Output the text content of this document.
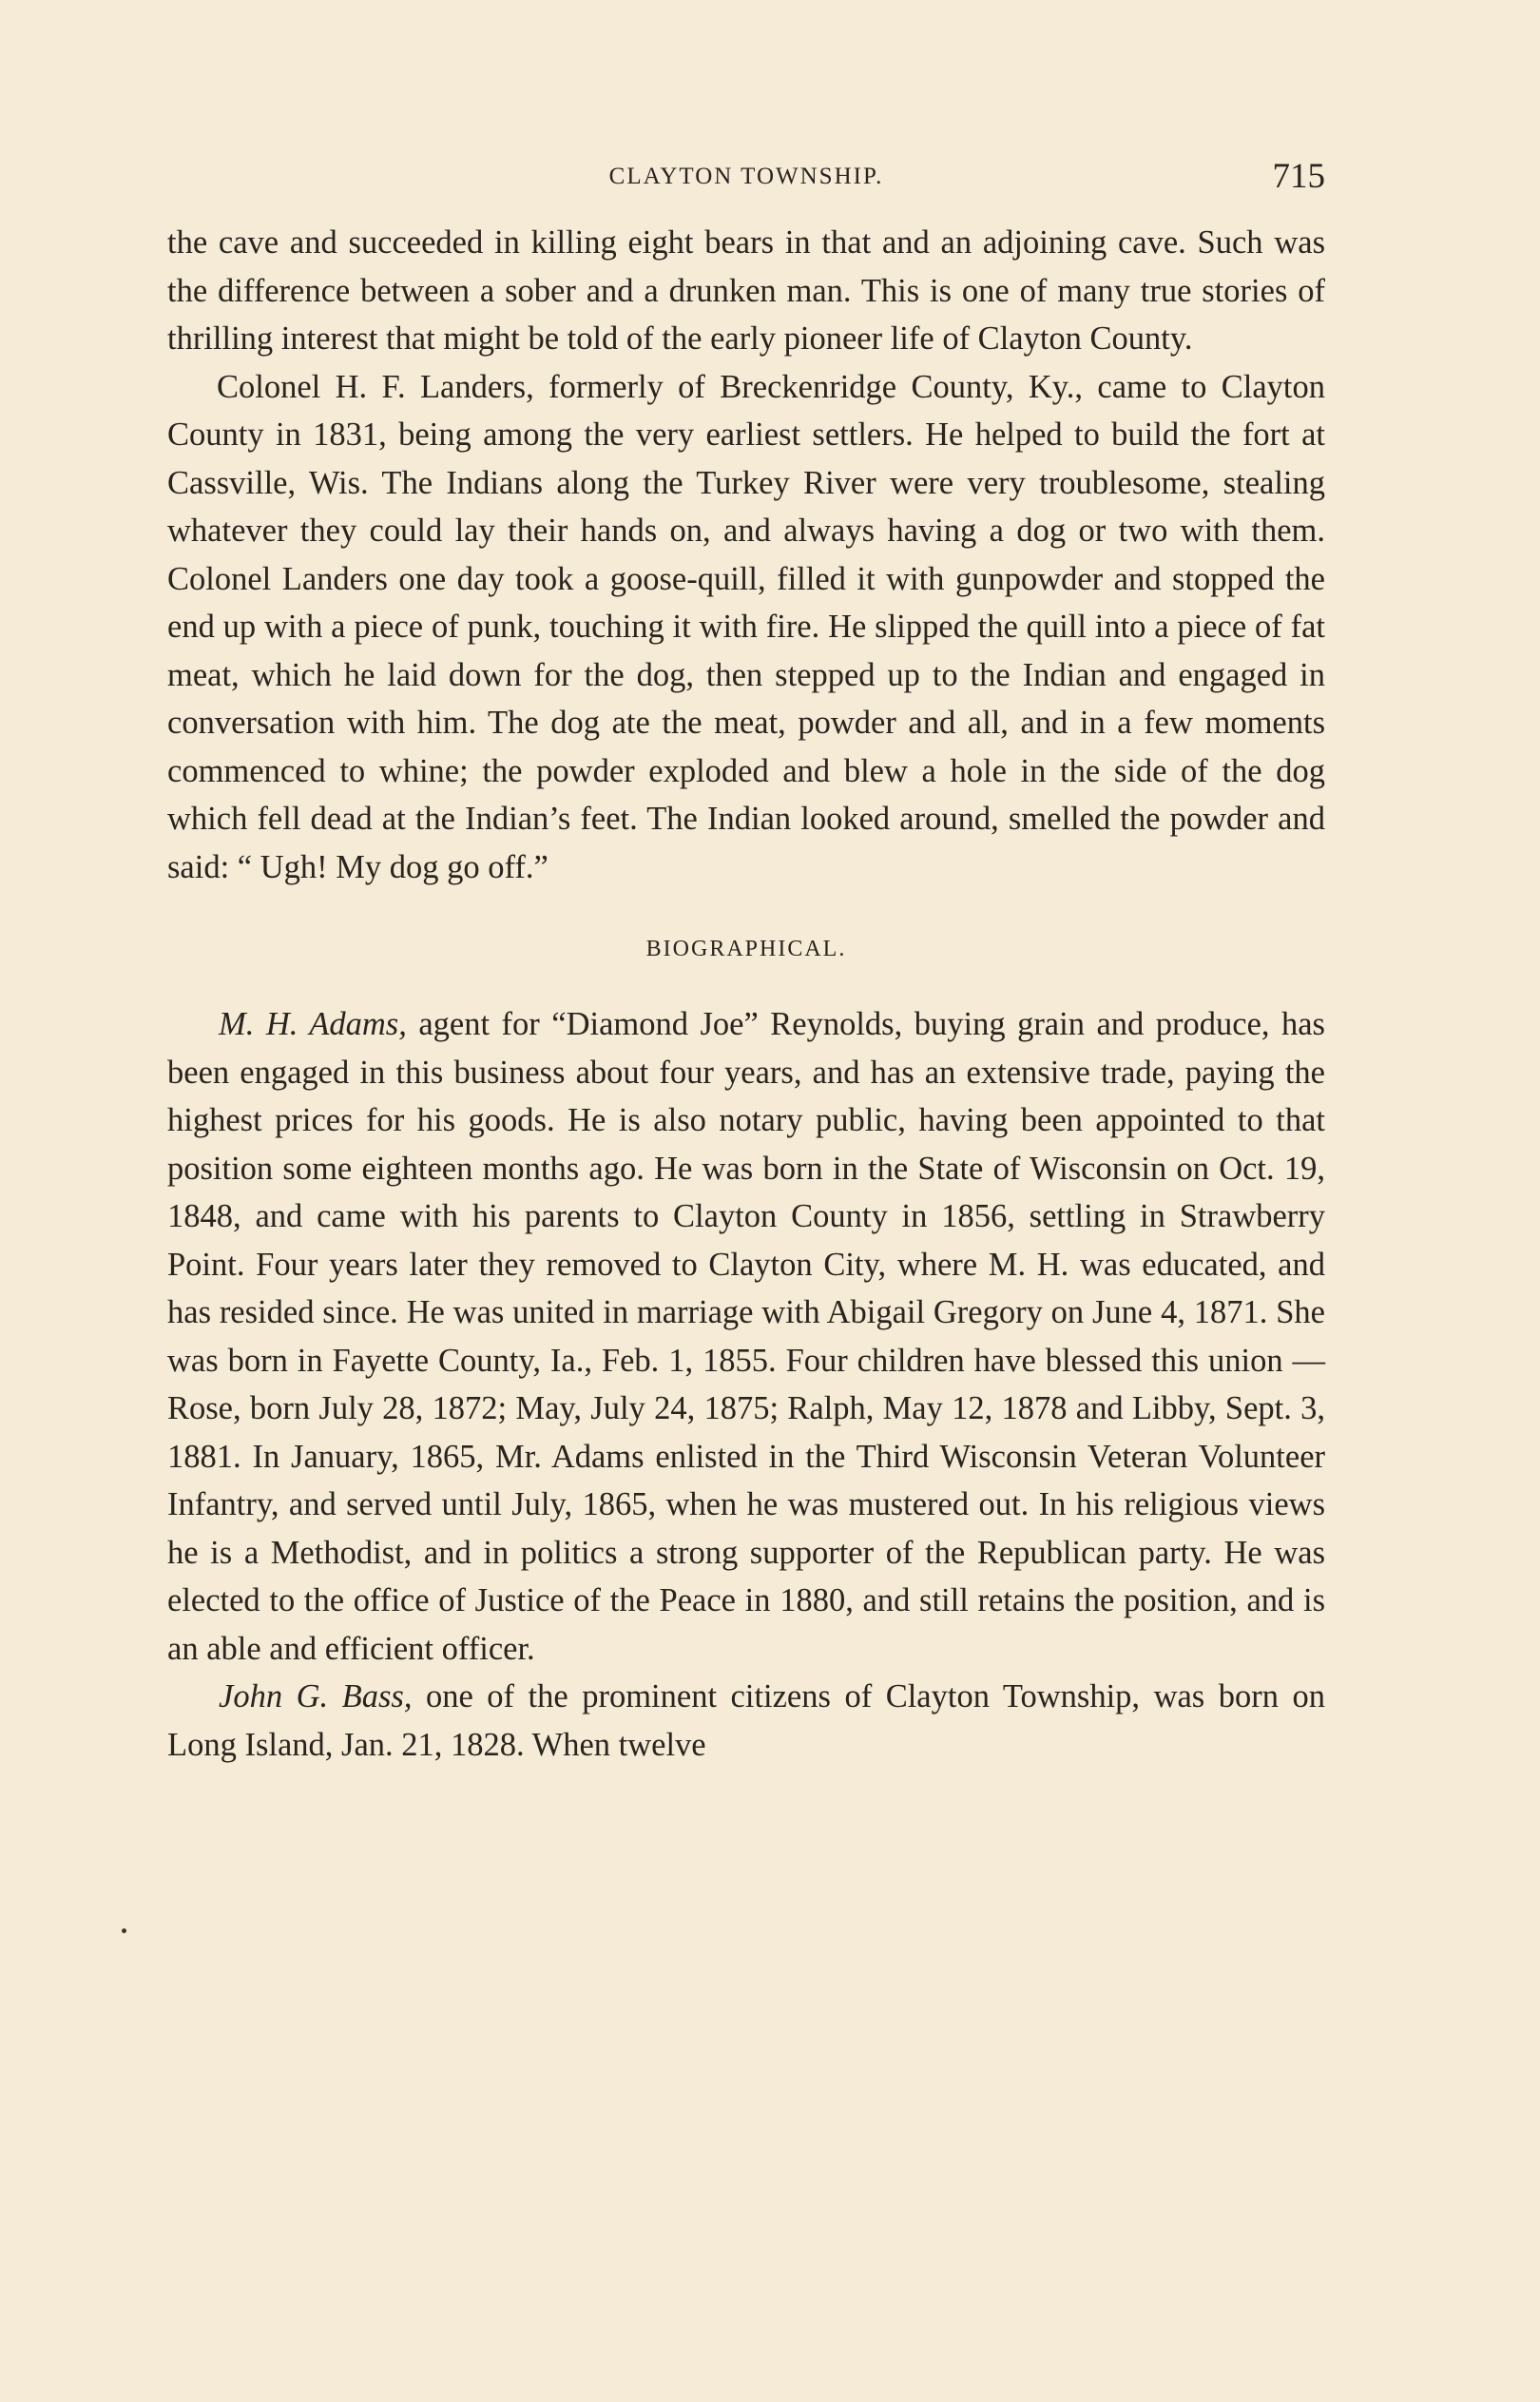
CLAYTON TOWNSHIP.	715

the cave and succeeded in killing eight bears in that and an adjoining cave. Such was the difference between a sober and a drunken man. This is one of many true stories of thrilling interest that might be told of the early pioneer life of Clayton County.

Colonel H. F. Landers, formerly of Breckenridge County, Ky., came to Clayton County in 1831, being among the very earliest settlers. He helped to build the fort at Cassville, Wis. The Indians along the Turkey River were very troublesome, stealing whatever they could lay their hands on, and always having a dog or two with them. Colonel Landers one day took a goose-quill, filled it with gunpowder and stopped the end up with a piece of punk, touching it with fire. He slipped the quill into a piece of fat meat, which he laid down for the dog, then stepped up to the Indian and engaged in conversation with him. The dog ate the meat, powder and all, and in a few moments commenced to whine; the powder exploded and blew a hole in the side of the dog which fell dead at the Indian’s feet. The Indian looked around, smelled the powder and said: “ Ugh! My dog go off.”

BIOGRAPHICAL.

M. H. Adams, agent for “Diamond Joe” Reynolds, buying grain and produce, has been engaged in this business about four years, and has an extensive trade, paying the highest prices for his goods. He is also notary public, having been appointed to that position some eighteen months ago. He was born in the State of Wisconsin on Oct. 19, 1848, and came with his parents to Clayton County in 1856, settling in Strawberry Point. Four years later they removed to Clayton City, where M. H. was educated, and has resided since. He was united in marriage with Abigail Gregory on June 4, 1871. She was born in Fayette County, Ia., Feb. 1, 1855. Four children have blessed this union —Rose, born July 28, 1872; May, July 24, 1875; Ralph, May 12, 1878 and Libby, Sept. 3, 1881. In January, 1865, Mr. Adams enlisted in the Third Wisconsin Veteran Volunteer Infantry, and served until July, 1865, when he was mustered out. In his religious views he is a Methodist, and in politics a strong supporter of the Republican party. He was elected to the office of Justice of the Peace in 1880, and still retains the position, and is an able and efficient officer.

John G. Bass, one of the prominent citizens of Clayton Township, was born on Long Island, Jan. 21, 1828. When twelve
